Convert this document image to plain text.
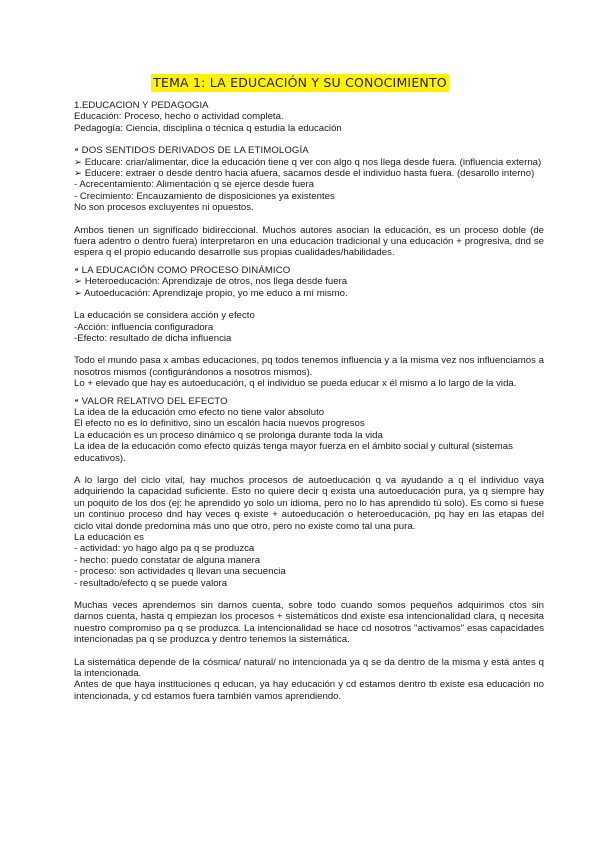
TEMA 1: LA EDUCACIÓN Y SU CONOCIMIENTO

1.EDUCACION Y PEDAGOGIA

Educación: Proceso, hecho o actividad completa.

Pedagogía: Ciencia, disciplina o técnica q estudia la educación

⁌ DOS SENTIDOS DERIVADOS DE LA ETIMOLOGÍA

➢ Educare: criar/alimentar, dice la educación tiene q ver con algo q nos llega desde fuera. (influencia externa)

➢ Educere: extraer o desde dentro hacia afuera, sacamos desde el individuo hasta fuera. (desarollo interno)

- Acrecentamiento: Alimentación q se ejerce desde fuera

- Crecimiento: Encauzamiento de disposiciones ya existentes

No son procesos excluyentes ni opuestos.

Ambos tienen un significado bidireccional. Muchos autores asocian la educación, es un proceso doble (de fuera adentro o dentro fuera) interpretaron en una educación tradicional y una educación + progresiva, dnd se espera q el propio educando desarrolle sus propias cualidades/habilidades.

⁌ LA EDUCACIÓN COMO PROCESO DINÁMICO

➢ Heteroeducación: Aprendizaje de otros, nos llega desde fuera

➢ Autoeducación: Aprendizaje propio, yo me educo a mí mismo.

La educación se considera acción y efecto

-Acción: influencia configuradora

-Efecto: resultado de dicha influencia

Todo el mundo pasa x ambas educaciones, pq todos tenemos influencia y a la misma vez nos influenciamos a nosotros mismos (configurándonos a nosotros mismos).

Lo + elevado que hay es autoeducación, q el individuo se pueda educar x él mismo a lo largo de la vida.

⁌ VALOR RELATIVO DEL EFECTO

La idea de la educación cmo efecto no tiene valor absoluto

El efecto no es lo definitivo, sino un escalón hacia nuevos progresos

La educación es un proceso dinámico q se prolonga durante toda la vida

La idea de la educación como efecto quizás tenga mayor fuerza en el ámbito social y cultural (sistemas educativos).

A lo largo del ciclo vital, hay muchos procesos de autoeducación q va ayudando a q el individuo vaya adquiriendo la capacidad suficiente. Esto no quiere decir q exista una autoeducación pura, ya q siempre hay un poquito de los dos (ej: he aprendido yo solo un idioma, pero no lo has aprendido tú solo). Es como si fuese un continuo proceso dnd hay veces q existe + autoeducación o heteroeducación, pq hay en las etapas del ciclo vital donde predomina más uno que otro, pero no existe como tal una pura.

La educación es

- actividad: yo hago algo pa q se produzca

- hecho: puedo constatar de alguna manera

- proceso: son actividades q llevan una secuencia

- resultado/efecto q se puede valora

Muchas veces aprendemos sin darnos cuenta, sobre todo cuando somos pequeños adquirimos ctos sin darnos cuenta, hasta q empiezan los procesos + sistemáticos dnd existe esa intencionalidad clara, q necesita nuestro compromiso pa q se produzca. La intencionalidad se hace cd nosotros "activamos" esas capacidades intencionadas pa q se produzca y dentro tenemos la sistemática.

La sistemática depende de la cósmica/ natural/ no intencionada ya q se da dentro de la misma y está antes q la intencionada.

Antes de que haya instituciones q educan, ya hay educación y cd estamos dentro tb existe esa educación no intencionada, y cd estamos fuera también vamos aprendiendo.
